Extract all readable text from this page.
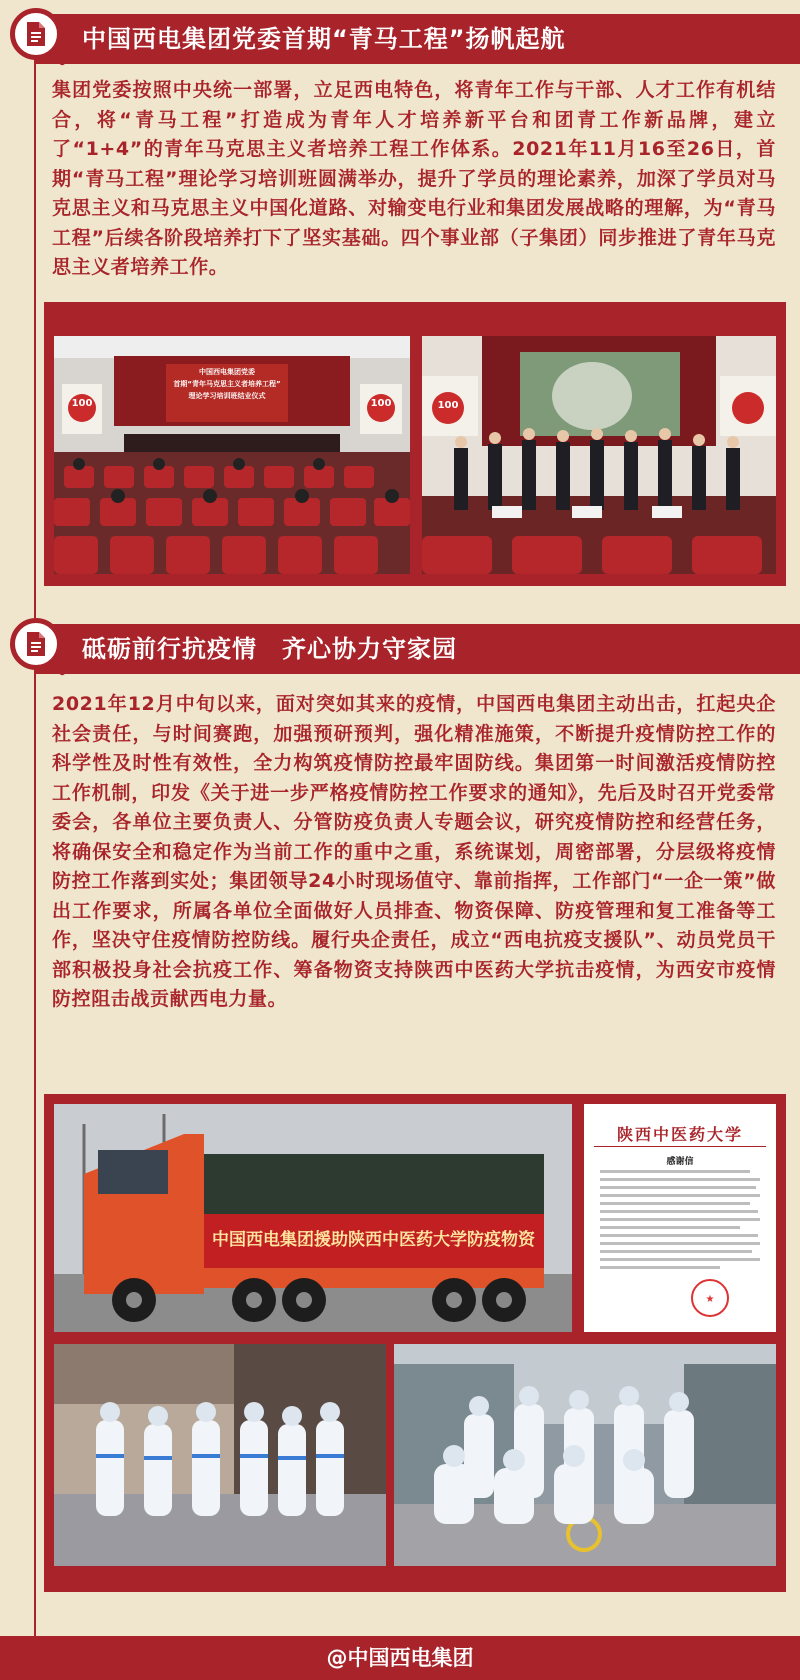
中国西电集团党委首期“青马工程”扬帆起航
集团党委按照中央统一部署，立足西电特色，将青年工作与干部、人才工作有机结合，将“青马工程”打造成为青年人才培养新平台和团青工作新品牌，建立了“1+4”的青年马克思主义者培养工程工作体系。2021年11月16至26日，首期“青马工程”理论学习培训班圆满举办，提升了学员的理论素养，加深了学员对马克思主义和马克思主义中国化道路、对输变电行业和集团发展战略的理解，为“青马工程”后续各阶段培养打下了坚实基础。四个事业部（子集团）同步推进了青年马克思主义者培养工作。
中国西电集团党委
首期“青年马克思主义者培养工程”
理论学习培训班结业仪式
100	100	100
砥砺前行抗疫情　齐心协力守家园
2021年12月中旬以来，面对突如其来的疫情，中国西电集团主动出击，扛起央企社会责任，与时间赛跑，加强预研预判，强化精准施策，不断提升疫情防控工作的科学性及时性有效性，全力构筑疫情防控最牢固防线。集团第一时间激活疫情防控工作机制，印发《关于进一步严格疫情防控工作要求的通知》，先后及时召开党委常委会，各单位主要负责人、分管防疫负责人专题会议，研究疫情防控和经营任务，将确保安全和稳定作为当前工作的重中之重，系统谋划，周密部署，分层级将疫情防控工作落到实处；集团领导24小时现场值守、靠前指挥，工作部门“一企一策”做出工作要求，所属各单位全面做好人员排查、物资保障、防疫管理和复工准备等工作，坚决守住疫情防控防线。履行央企责任，成立“西电抗疫支援队”、动员党员干部积极投身社会抗疫工作、筹备物资支持陕西中医药大学抗击疫情，为西安市疫情防控阻击战贡献西电力量。
中国西电集团援助陕西中医药大学防疫物资
陕西中医药大学
感谢信
★
@中国西电集团
